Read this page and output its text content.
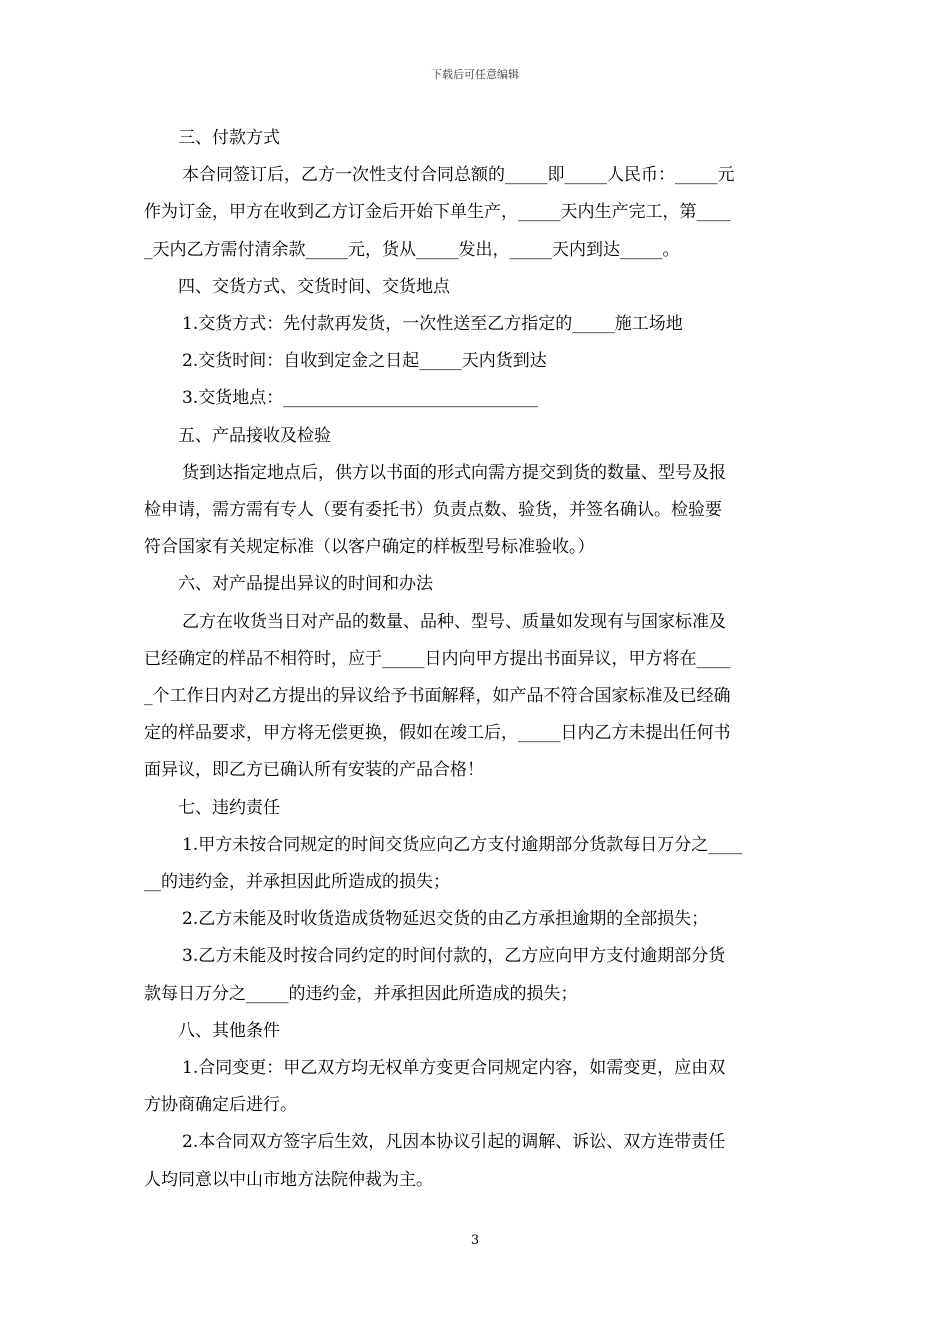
下载后可任意编辑

三、付款方式

本合同签订后，乙方一次性支付合同总额的_____即_____人民币：_____元

作为订金，甲方在收到乙方订金后开始下单生产，_____天内生产完工，第____

_天内乙方需付清余款_____元，货从_____发出，_____天内到达_____。

四、交货方式、交货时间、交货地点

1.交货方式：先付款再发货，一次性送至乙方指定的_____施工场地

2.交货时间：自收到定金之日起_____天内货到达

3.交货地点：______________________________

五、产品接收及检验

货到达指定地点后，供方以书面的形式向需方提交到货的数量、型号及报

检申请，需方需有专人（要有委托书）负责点数、验货，并签名确认。检验要

符合国家有关规定标准（以客户确定的样板型号标准验收。）

六、对产品提出异议的时间和办法

乙方在收货当日对产品的数量、品种、型号、质量如发现有与国家标准及

已经确定的样品不相符时，应于_____日内向甲方提出书面异议，甲方将在____

_个工作日内对乙方提出的异议给予书面解释，如产品不符合国家标准及已经确

定的样品要求，甲方将无偿更换，假如在竣工后，_____日内乙方未提出任何书

面异议，即乙方已确认所有安装的产品合格！

七、违约责任

1.甲方未按合同规定的时间交货应向乙方支付逾期部分货款每日万分之____

__的违约金，并承担因此所造成的损失；

2.乙方未能及时收货造成货物延迟交货的由乙方承担逾期的全部损失；

3.乙方未能及时按合同约定的时间付款的，乙方应向甲方支付逾期部分货

款每日万分之_____的违约金，并承担因此所造成的损失；

八、其他条件

1.合同变更：甲乙双方均无权单方变更合同规定内容，如需变更，应由双

方协商确定后进行。

2.本合同双方签字后生效，凡因本协议引起的调解、诉讼、双方连带责任

人均同意以中山市地方法院仲裁为主。

3
